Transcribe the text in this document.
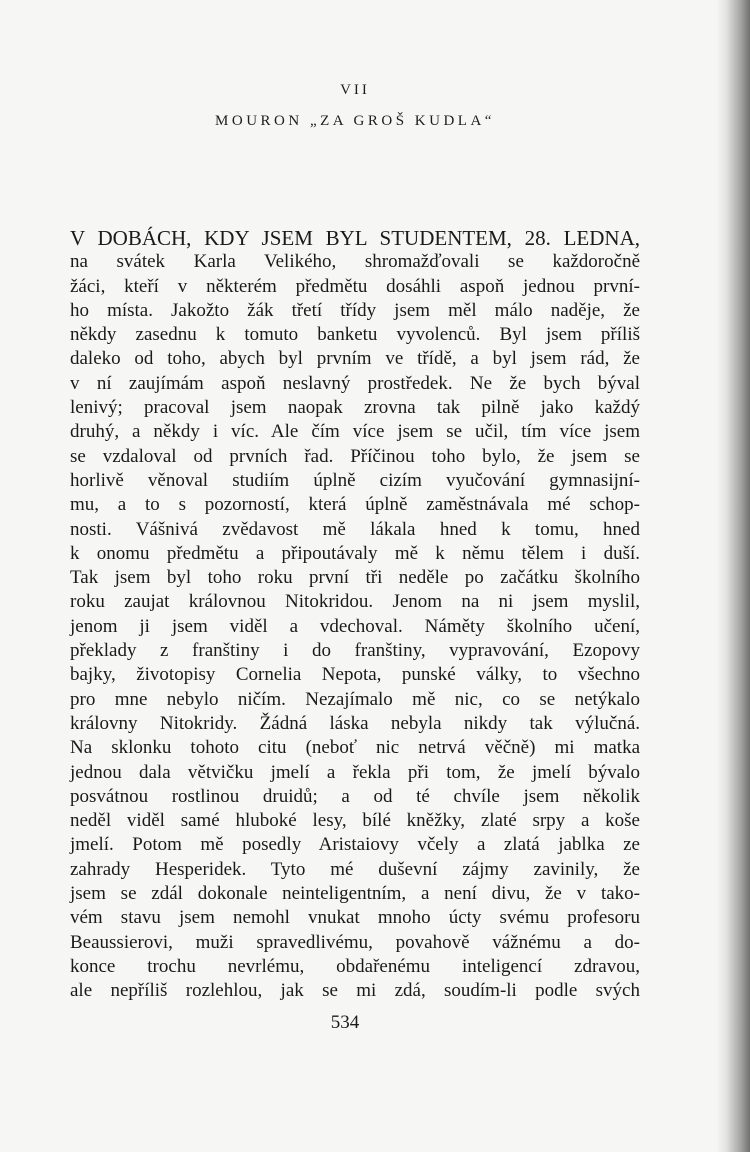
VII
MOURON „ZA GROŠ KUDLA“
V DOBÁCH, KDY JSEM BYL STUDENTEM, 28. LEDNA,
na svátek Karla Velikého, shromažďovali se každoročně
žáci, kteří v některém předmětu dosáhli aspoň jednou první-
ho místa. Jakožto žák třetí třídy jsem měl málo naděje, že
někdy zasednu k tomuto banketu vyvolenců. Byl jsem příliš
daleko od toho, abych byl prvním ve třídě, a byl jsem rád, že
v ní zaujímám aspoň neslavný prostředek. Ne že bych býval
lenivý; pracoval jsem naopak zrovna tak pilně jako každý
druhý, a někdy i víc. Ale čím více jsem se učil, tím více jsem
se vzdaloval od prvních řad. Příčinou toho bylo, že jsem se
horlivě věnoval studiím úplně cizím vyučování gymnasijní-
mu, a to s pozorností, která úplně zaměstnávala mé schop-
nosti. Vášnivá zvědavost mě lákala hned k tomu, hned
k onomu předmětu a připoutávaly mě k němu tělem i duší.
Tak jsem byl toho roku první tři neděle po začátku školního
roku zaujat královnou Nitokridou. Jenom na ni jsem myslil,
jenom ji jsem viděl a vdechoval. Náměty školního učení,
překlady z franštiny i do franštiny, vypravování, Ezopovy
bajky, životopisy Cornelia Nepota, punské války, to všechno
pro mne nebylo ničím. Nezajímalo mě nic, co se netýkalo
královny Nitokridy. Žádná láska nebyla nikdy tak výlučná.
Na sklonku tohoto citu (neboť nic netrvá věčně) mi matka
jednou dala větvičku jmelí a řekla při tom, že jmelí bývalo
posvátnou rostlinou druidů; a od té chvíle jsem několik
neděl viděl samé hluboké lesy, bílé kněžky, zlaté srpy a koše
jmelí. Potom mě posedly Aristaiovy včely a zlatá jablka ze
zahrady Hesperidek. Tyto mé duševní zájmy zavinily, že
jsem se zdál dokonale neinteligentním, a není divu, že v tako-
vém stavu jsem nemohl vnukat mnoho úcty svému profesoru
Beaussierovi, muži spravedlivému, povahově vážnému a do-
konce trochu nevrlému, obdařenému inteligencí zdravou,
ale nepříliš rozlehlou, jak se mi zdá, soudím-li podle svých
534
